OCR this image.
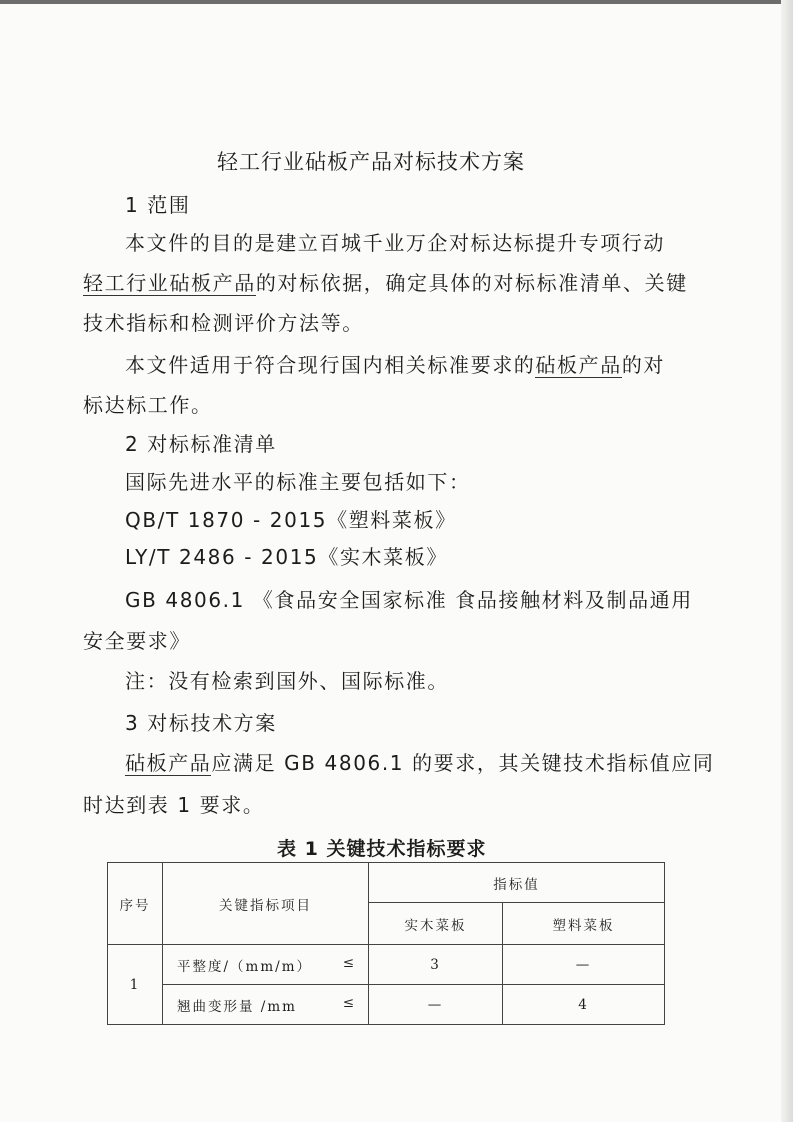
轻工行业砧板产品对标技术方案
1 范围
本文件的目的是建立百城千业万企对标达标提升专项行动
轻工行业砧板产品的对标依据，确定具体的对标标准清单、关键
技术指标和检测评价方法等。
本文件适用于符合现行国内相关标准要求的砧板产品的对
标达标工作。
2 对标标准清单
国际先进水平的标准主要包括如下：
QB/T 1870 - 2015《塑料菜板》
LY/T 2486 - 2015《实木菜板》
GB 4806.1 《食品安全国家标准 食品接触材料及制品通用
安全要求》
注：没有检索到国外、国际标准。
3 对标技术方案
砧板产品应满足 GB 4806.1 的要求，其关键技术指标值应同
时达到表 1 要求。
表 1 关键技术指标要求
序号	关键指标项目	指标值	
		实木菜板	塑料菜板
1	平整度/（mm/m） ≤	3	—
	翘曲变形量 /mm ≤	—	4
